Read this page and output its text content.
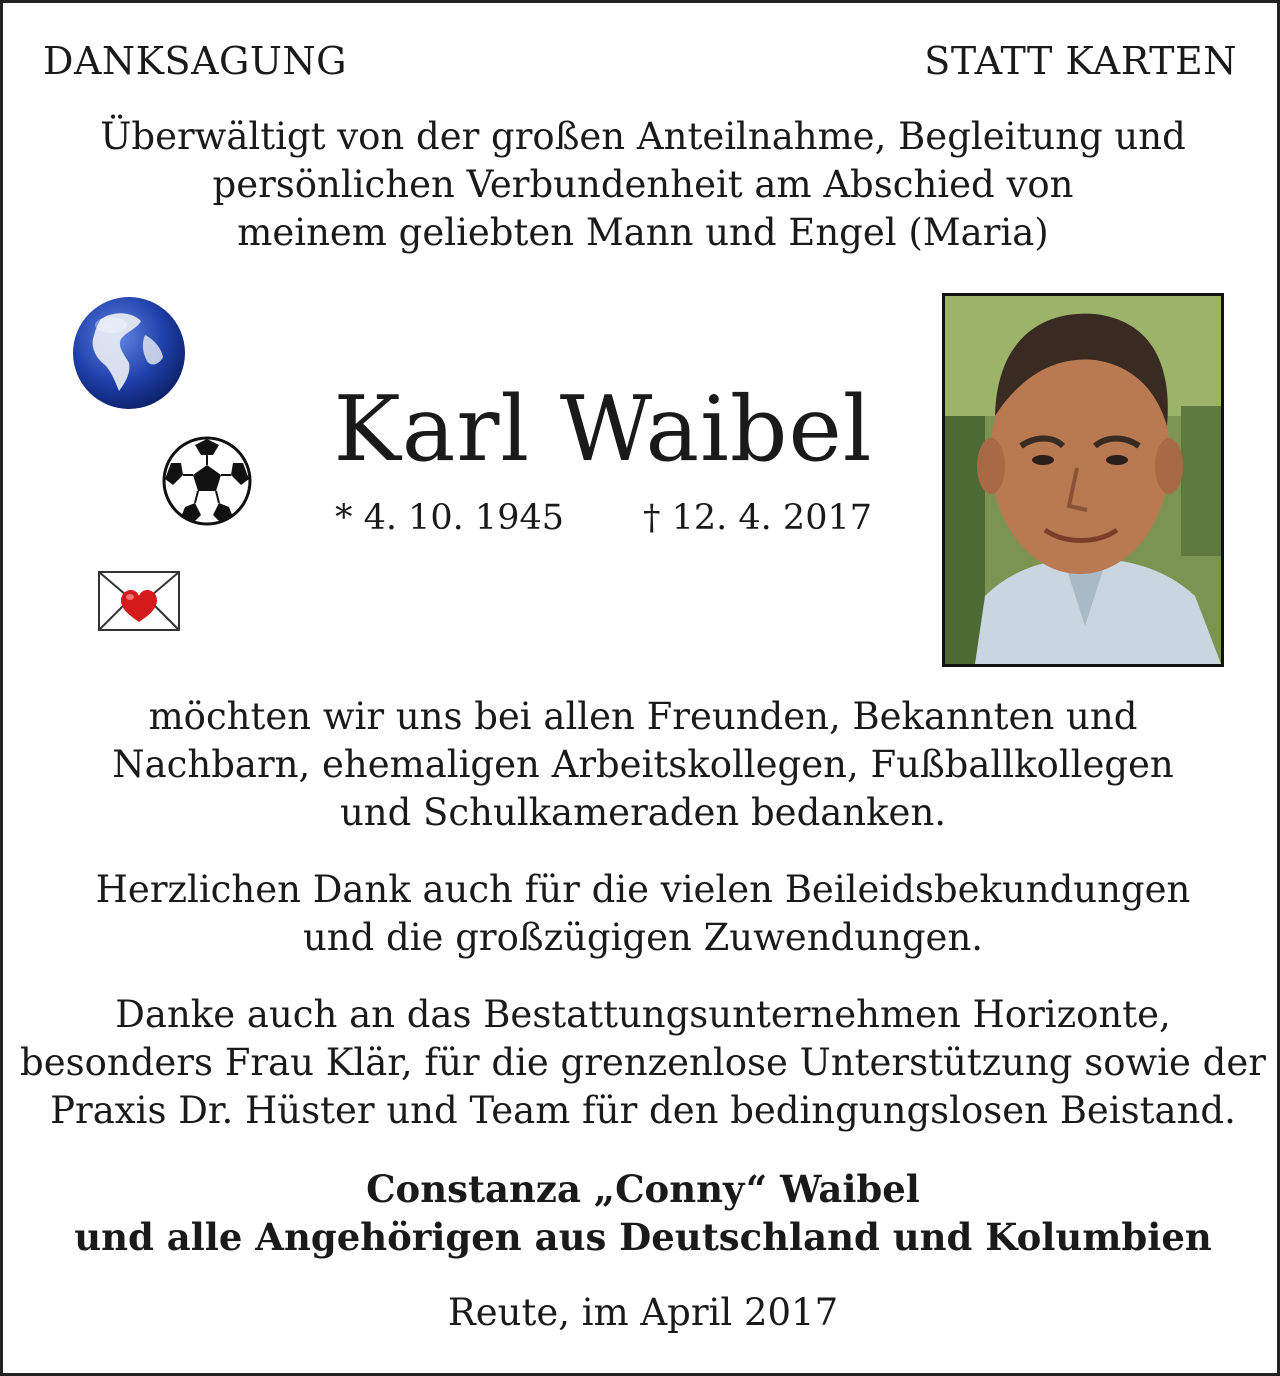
DANKSAGUNG	STATT KARTEN
Überwältigt von der großen Anteilnahme, Begleitung und
persönlichen Verbundenheit am Abschied von
meinem geliebten Mann und Engel (Maria)
Karl Waibel
* 4. 10. 1945 † 12. 4. 2017
möchten wir uns bei allen Freunden, Bekannten und
Nachbarn, ehemaligen Arbeitskollegen, Fußballkollegen
und Schulkameraden bedanken.
Herzlichen Dank auch für die vielen Beileidsbekundungen
und die großzügigen Zuwendungen.
Danke auch an das Bestattungsunternehmen Horizonte,
besonders Frau Klär, für die grenzenlose Unterstützung sowie der
Praxis Dr. Hüster und Team für den bedingungslosen Beistand.
Constanza „Conny“ Waibel
und alle Angehörigen aus Deutschland und Kolumbien
Reute, im April 2017
